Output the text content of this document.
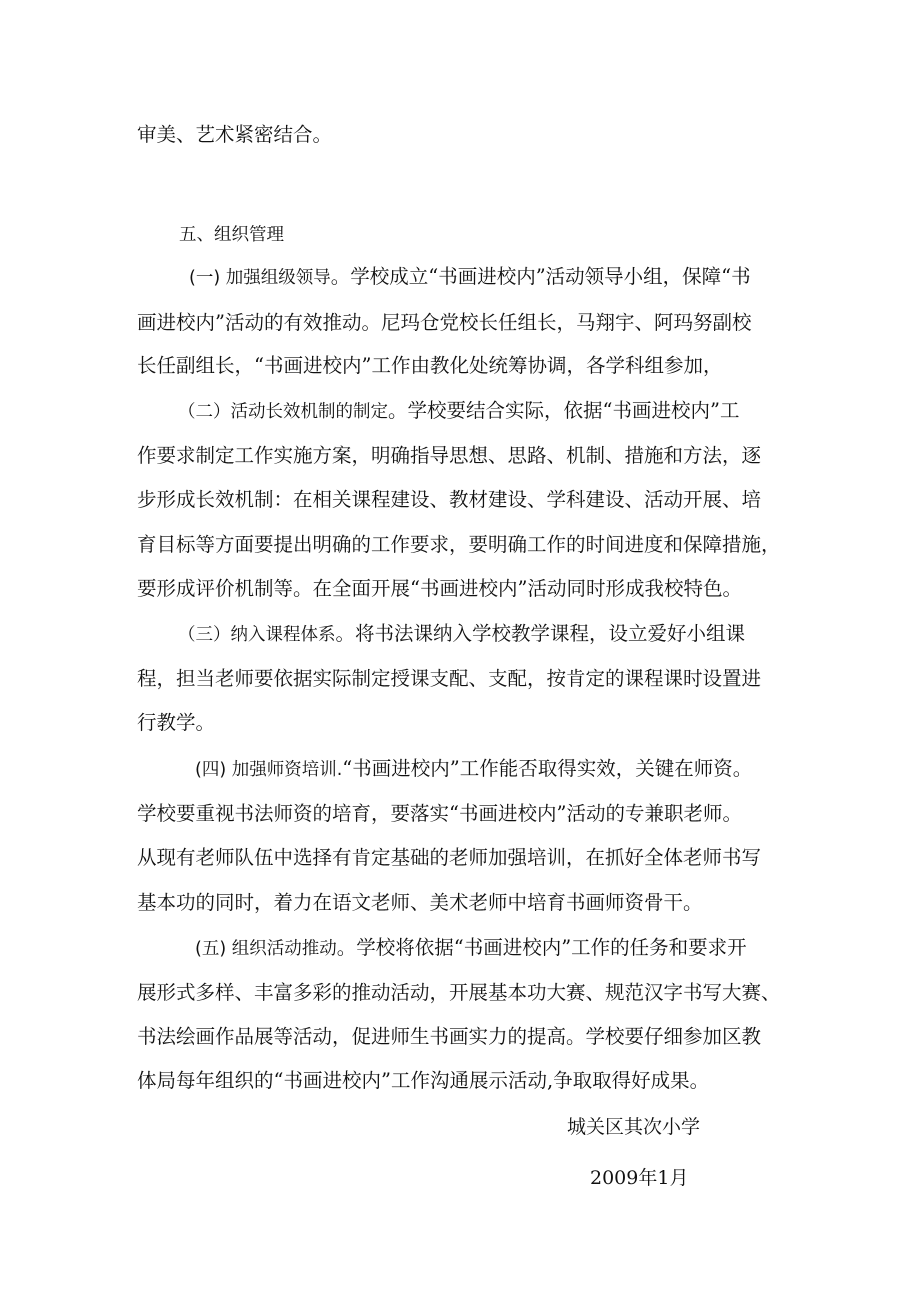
审美、艺术紧密结合。
五、组织管理
(一) 加强组级领导。学校成立“书画进校内”活动领导小组，保障“书
画进校内”活动的有效推动。尼玛仓党校长任组长，马翔宇、阿玛努副校
长任副组长，“书画进校内”工作由教化处统筹协调，各学科组参加，
（二）活动长效机制的制定。学校要结合实际，依据“书画进校内”工
作要求制定工作实施方案，明确指导思想、思路、机制、措施和方法，逐
步形成长效机制：在相关课程建设、教材建设、学科建设、活动开展、培
育目标等方面要提出明确的工作要求，要明确工作的时间进度和保障措施，
要形成评价机制等。在全面开展“书画进校内”活动同时形成我校特色。
（三）纳入课程体系。将书法课纳入学校教学课程，设立爱好小组课
程，担当老师要依据实际制定授课支配、支配，按肯定的课程课时设置进
行教学。
(四) 加强师资培训.“书画进校内”工作能否取得实效，关键在师资。
学校要重视书法师资的培育，要落实“书画进校内”活动的专兼职老师。
从现有老师队伍中选择有肯定基础的老师加强培训，在抓好全体老师书写
基本功的同时，着力在语文老师、美术老师中培育书画师资骨干。
(五) 组织活动推动。学校将依据“书画进校内”工作的任务和要求开
展形式多样、丰富多彩的推动活动，开展基本功大赛、规范汉字书写大赛、
书法绘画作品展等活动，促进师生书画实力的提高。学校要仔细参加区教
体局每年组织的“书画进校内”工作沟通展示活动,争取取得好成果。
城关区其次小学
2009年1月
